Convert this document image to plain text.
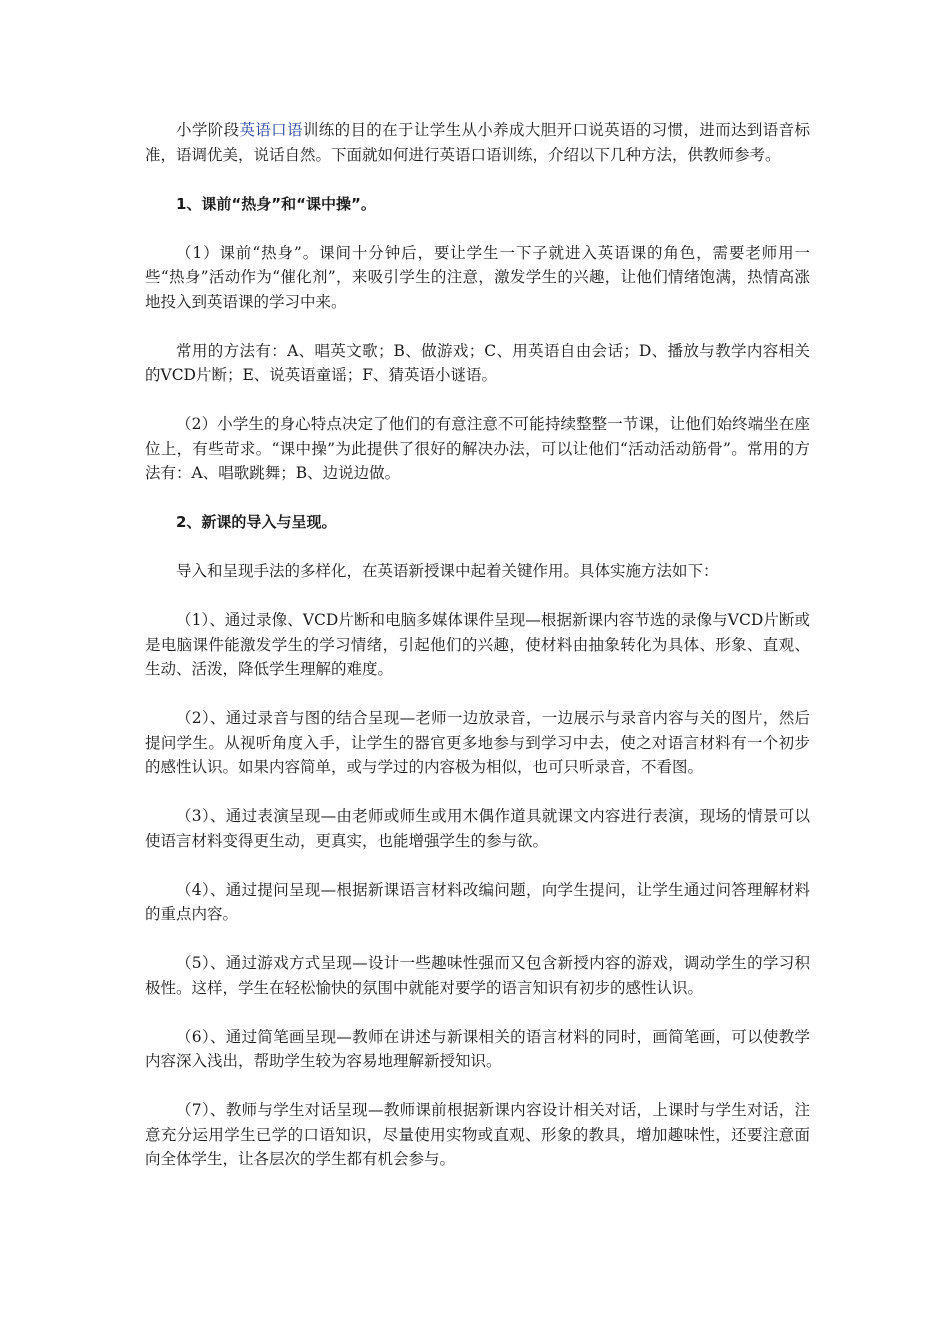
小学阶段英语口语训练的目的在于让学生从小养成大胆开口说英语的习惯，进而达到语音标准，语调优美，说话自然。下面就如何进行英语口语训练，介绍以下几种方法，供教师参考。

1、课前“热身”和“课中操”。

（1）课前“热身”。课间十分钟后，要让学生一下子就进入英语课的角色，需要老师用一些“热身”活动作为“催化剂”，来吸引学生的注意，激发学生的兴趣，让他们情绪饱满，热情高涨地投入到英语课的学习中来。

常用的方法有：A、唱英文歌；B、做游戏；C、用英语自由会话；D、播放与教学内容相关的VCD片断；E、说英语童谣；F、猜英语小谜语。

（2）小学生的身心特点决定了他们的有意注意不可能持续整整一节课，让他们始终端坐在座位上，有些苛求。“课中操”为此提供了很好的解决办法，可以让他们“活动活动筋骨”。常用的方法有：A、唱歌跳舞；B、边说边做。

2、新课的导入与呈现。

导入和呈现手法的多样化，在英语新授课中起着关键作用。具体实施方法如下：

（1）、通过录像、VCD片断和电脑多媒体课件呈现—根据新课内容节选的录像与VCD片断或是电脑课件能激发学生的学习情绪，引起他们的兴趣，使材料由抽象转化为具体、形象、直观、生动、活泼，降低学生理解的难度。

（2）、通过录音与图的结合呈现—老师一边放录音，一边展示与录音内容与关的图片，然后提问学生。从视听角度入手，让学生的器官更多地参与到学习中去，使之对语言材料有一个初步的感性认识。如果内容简单，或与学过的内容极为相似，也可只听录音，不看图。

（3）、通过表演呈现—由老师或师生或用木偶作道具就课文内容进行表演，现场的情景可以使语言材料变得更生动，更真实，也能增强学生的参与欲。

（4）、通过提问呈现—根据新课语言材料改编问题，向学生提问，让学生通过问答理解材料的重点内容。

（5）、通过游戏方式呈现—设计一些趣味性强而又包含新授内容的游戏，调动学生的学习积极性。这样，学生在轻松愉快的氛围中就能对要学的语言知识有初步的感性认识。

（6）、通过简笔画呈现—教师在讲述与新课相关的语言材料的同时，画简笔画，可以使教学内容深入浅出，帮助学生较为容易地理解新授知识。

（7）、教师与学生对话呈现—教师课前根据新课内容设计相关对话，上课时与学生对话，注意充分运用学生已学的口语知识，尽量使用实物或直观、形象的教具，增加趣味性，还要注意面向全体学生，让各层次的学生都有机会参与。
